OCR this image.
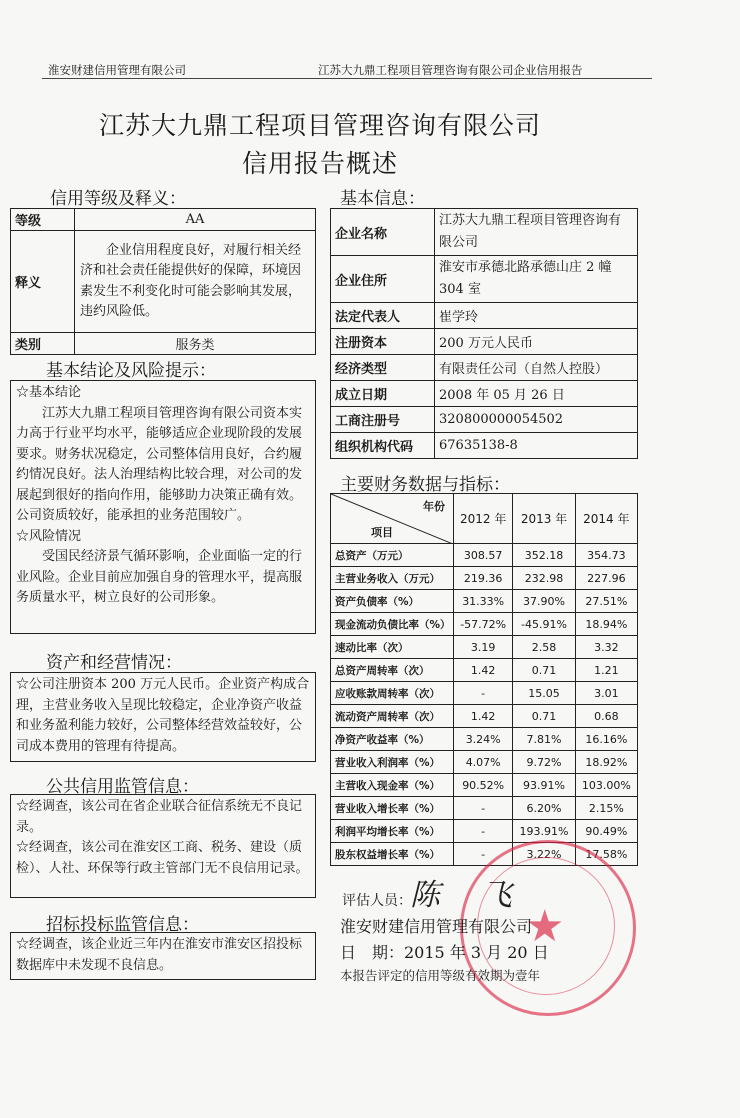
淮安财建信用管理有限公司	江苏大九鼎工程项目管理咨询有限公司企业信用报告
江苏大九鼎工程项目管理咨询有限公司
信用报告概述
信用等级及释义：
等级	AA
释义	企业信用程度良好，对履行相关经济和社会责任能提供好的保障，环境因素发生不利变化时可能会影响其发展，违约风险低。

类别	服务类
基本结论及风险提示：

☆基本结论

江苏大九鼎工程项目管理咨询有限公司资本实力高于行业平均水平，能够适应企业现阶段的发展要求。财务状况稳定，公司整体信用良好，合约履约情况良好。法人治理结构比较合理，对公司的发展起到很好的指向作用，能够助力决策正确有效。公司资质较好，能承担的业务范围较广。

☆风险情况

受国民经济景气循环影响，企业面临一定的行业风险。企业目前应加强自身的管理水平，提高服务质量水平，树立良好的公司形象。

资产和经营情况：

☆公司注册资本 200 万元人民币。企业资产构成合理，主营业务收入呈现比较稳定，企业净资产收益和业务盈利能力较好，公司整体经营效益较好，公司成本费用的管理有待提高。

公共信用监管信息：

☆经调查，该公司在省企业联合征信系统无不良记录。

☆经调查，该公司在淮安区工商、税务、建设（质检）、人社、环保等行政主管部门无不良信用记录。

招标投标监管信息：

☆经调查，该企业近三年内在淮安市淮安区招投标数据库中未发现不良信息。

基本信息：
企业名称	江苏大九鼎工程项目管理咨询有限公司
企业住所	淮安市承德北路承德山庄 2 幢 304 室
法定代表人	崔学玲
注册资本	200 万元人民币
经济类型	有限责任公司（自然人控股）
成立日期	2008 年 05 月 26 日
工商注册号	320800000054502
组织机构代码	67635138-8
主要财务数据与指标：
年份
项目	2012 年	2013 年	2014 年
总资产（万元）	308.57	352.18	354.73
主营业务收入（万元）	219.36	232.98	227.96
资产负债率（%）	31.33%	37.90%	27.51%
现金流动负债比率（%）	-57.72%	-45.91%	18.94%
速动比率（次）	3.19	2.58	3.32
总资产周转率（次）	1.42	0.71	1.21
应收账款周转率（次）	-	15.05	3.01
流动资产周转率（次）	1.42	0.71	0.68
净资产收益率（%）	3.24%	7.81%	16.16%
营业收入利润率（%）	4.07%	9.72%	18.92%
主营收入现金率（%）	90.52%	93.91%	103.00%
营业收入增长率（%）	-	6.20%	2.15%
利润平均增长率（%）	-	193.91%	90.49%
股东权益增长率（%）	-	3.22%	17.58%
★
陈　飞
评估人员：
淮安财建信用管理有限公司
日　期：2015 年 3 月 20 日
本报告评定的信用等级有效期为壹年
